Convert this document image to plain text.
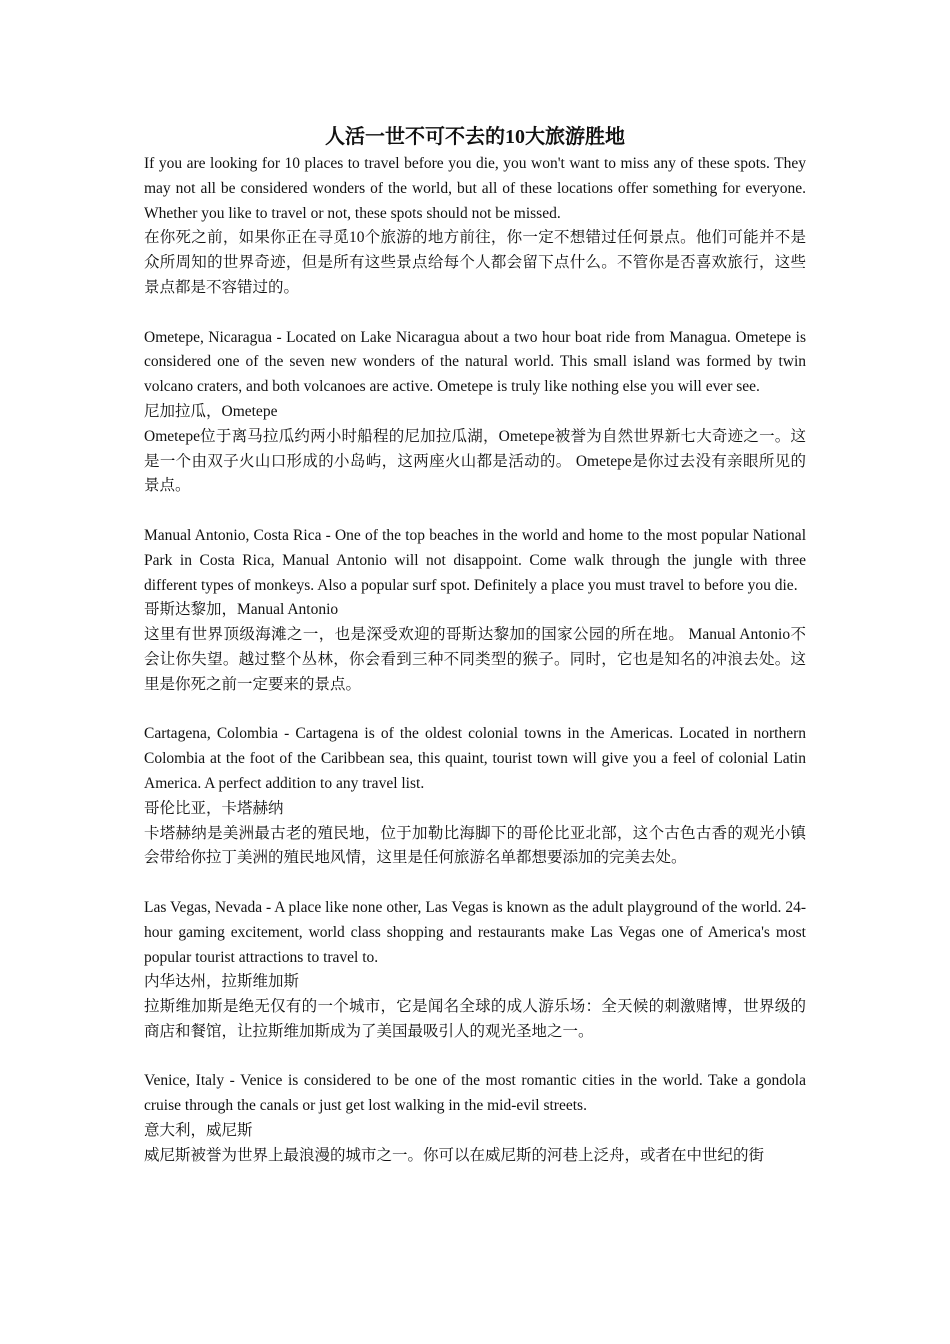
人活一世不可不去的10大旅游胜地

If you are looking for 10 places to travel before you die, you won't want to miss any of these spots. They may not all be considered wonders of the world, but all of these locations offer something for everyone. Whether you like to travel or not, these spots should not be missed.

在你死之前，如果你正在寻觅10个旅游的地方前往，你一定不想错过任何景点。他们可能并不是众所周知的世界奇迹，但是所有这些景点给每个人都会留下点什么。不管你是否喜欢旅行，这些景点都是不容错过的。

Ometepe, Nicaragua - Located on Lake Nicaragua about a two hour boat ride from Managua. Ometepe is considered one of the seven new wonders of the natural world. This small island was formed by twin volcano craters, and both volcanoes are active. Ometepe is truly like nothing else you will ever see.

尼加拉瓜，Ometepe

Ometepe位于离马拉瓜约两小时船程的尼加拉瓜湖，Ometepe被誉为自然世界新七大奇迹之一。这是一个由双子火山口形成的小岛屿，这两座火山都是活动的。 Ometepe是你过去没有亲眼所见的景点。

Manual Antonio, Costa Rica - One of the top beaches in the world and home to the most popular National Park in Costa Rica, Manual Antonio will not disappoint. Come walk through the jungle with three different types of monkeys. Also a popular surf spot. Definitely a place you must travel to before you die.

哥斯达黎加，Manual Antonio

这里有世界顶级海滩之一，也是深受欢迎的哥斯达黎加的国家公园的所在地。 Manual Antonio不会让你失望。越过整个丛林，你会看到三种不同类型的猴子。同时，它也是知名的冲浪去处。这里是你死之前一定要来的景点。

Cartagena, Colombia - Cartagena is of the oldest colonial towns in the Americas. Located in northern Colombia at the foot of the Caribbean sea, this quaint, tourist town will give you a feel of colonial Latin America. A perfect addition to any travel list.

哥伦比亚，卡塔赫纳

卡塔赫纳是美洲最古老的殖民地，位于加勒比海脚下的哥伦比亚北部，这个古色古香的观光小镇会带给你拉丁美洲的殖民地风情，这里是任何旅游名单都想要添加的完美去处。

Las Vegas, Nevada - A place like none other, Las Vegas is known as the adult playground of the world. 24-hour gaming excitement, world class shopping and restaurants make Las Vegas one of America's most popular tourist attractions to travel to.

内华达州，拉斯维加斯

拉斯维加斯是绝无仅有的一个城市，它是闻名全球的成人游乐场：全天候的刺激赌博，世界级的商店和餐馆，让拉斯维加斯成为了美国最吸引人的观光圣地之一。

Venice, Italy - Venice is considered to be one of the most romantic cities in the world. Take a gondola cruise through the canals or just get lost walking in the mid-evil streets.

意大利，威尼斯

威尼斯被誉为世界上最浪漫的城市之一。你可以在威尼斯的河巷上泛舟，或者在中世纪的街
